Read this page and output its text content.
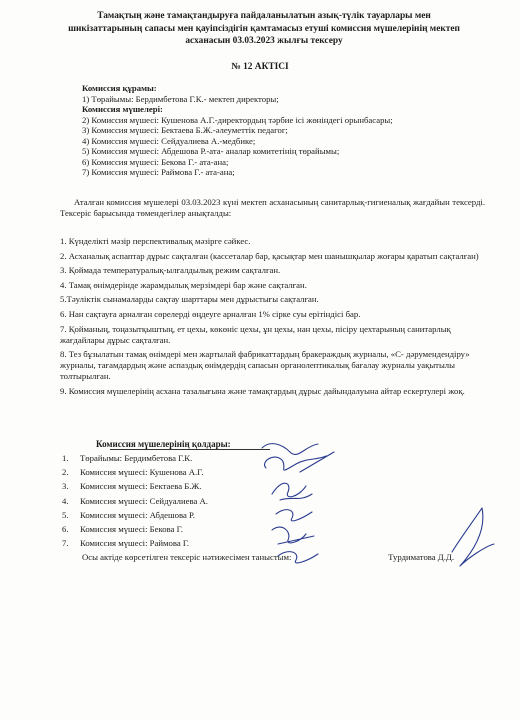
Тамақтың және тамақтандыруға пайдаланылатын азық-түлік тауарлары мен
шикізаттарының сапасы мен қауіпсіздігін қамтамасыз етуші комиссия мүшелерінің мектеп
асханасын 03.03.2023 жылғы тексеру
№ 12 АКТІСІ
Комиссия құрамы:
1) Төрайымы: Бердимбетова Г.К.- мектеп директоры;
Комиссия мүшелері:
2) Комиссия мүшесі: Кушенова А.Г.-директордың тәрбие ісі жөніндегі орынбасары;
3) Комиссия мүшесі: Бектаева Б.Ж.-әлеуметтік педагог;
4) Комиссия мүшесі: Сейдуалиева А.-медбике;
5) Комиссия мүшесі: Абдешова Р.-ата- аналар комитетінің төрайымы;
6) Комиссия мүшесі: Бекова Г.- ата-ана;
7) Комиссия мүшесі: Раймова Г.- ата-ана;
Аталған комиссия мүшелері 03.03.2023 күні мектеп асханасының санитарлық-гигиеналық жағдайын тексерді. Тексеріс барысында төмендегілер анықталды:
1. Күнделікті мәзір перспективалық мәзірге сәйкес.
2. Асханалық аспаптар дұрыс сақталған (кассеталар бар, қасықтар мен шанышқылар жоғары қаратып сақталған)
3. Қоймада температуралық-ылғалдылық режим сақталған.
4. Тамақ өнімдерінде жарамдылық мерзімдері бар және сақталған.
5.Тәуліктік сынамаларды сақтау шарттары мен дұрыстығы сақталған.
6. Нан сақтауға арналған сөрелерді өңдеуге арналған 1% сірке суы ерітіндісі бар.
7. Қойманың, тоңазытқыштың, ет цехы, көкөніс цехы, ұн цехы, нан цехы, пісіру цехтарының санитарлық жағдайлары дұрыс сақталған.
8. Тез бұзылатын тамақ өнімдері мен жартылай фабрикаттардың бракераждық журналы, «С- дәрумендендіру» журналы, тағамдардың және аспаздық өнімдердің сапасын органолептикалық бағалау журналы уақытылы толтырылған.
9. Комиссия мүшелерінің асхана тазалығына және тамақтардың дұрыс дайындалуына айтар ескертулері жоқ.
Комиссия мүшелерінің қолдары:
1.	Төрайымы: Бердимбетова Г.К.
2.	Комиссия мүшесі: Кушенова А.Г.
3.	Комиссия мүшесі: Бектаева Б.Ж.
4.	Комиссия мүшесі: Сейдуалиева А.
5.	Комиссия мүшесі: Абдешова Р.
6.	Комиссия мүшесі: Бекова Г.
7.	Комиссия мүшесі: Раймова Г.
Осы актіде көрсетілген тексеріс нәтижесімен таныстым:	Турдиматова Д.Д.
